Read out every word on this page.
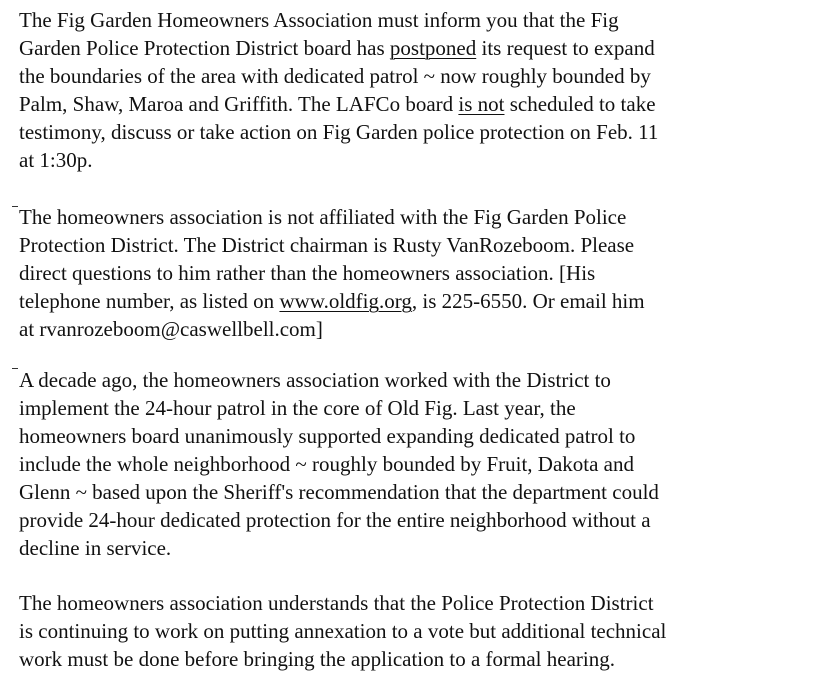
The Fig Garden Homeowners Association must inform you that the Fig
Garden Police Protection District board has postponed its request to expand
the boundaries of the area with dedicated patrol ~ now roughly bounded by
Palm, Shaw, Maroa and Griffith. The LAFCo board is not scheduled to take
testimony, discuss or take action on Fig Garden police protection on Feb. 11
at 1:30p.

The homeowners association is not affiliated with the Fig Garden Police
Protection District. The District chairman is Rusty VanRozeboom. Please
direct questions to him rather than the homeowners association. [His
telephone number, as listed on www.oldfig.org, is 225-6550. Or email him
at rvanrozeboom@caswellbell.com]

A decade ago, the homeowners association worked with the District to
implement the 24-hour patrol in the core of Old Fig. Last year, the
homeowners board unanimously supported expanding dedicated patrol to
include the whole neighborhood ~ roughly bounded by Fruit, Dakota and
Glenn ~ based upon the Sheriff's recommendation that the department could
provide 24-hour dedicated protection for the entire neighborhood without a
decline in service.

The homeowners association understands that the Police Protection District
is continuing to work on putting annexation to a vote but additional technical
work must be done before bringing the application to a formal hearing.
